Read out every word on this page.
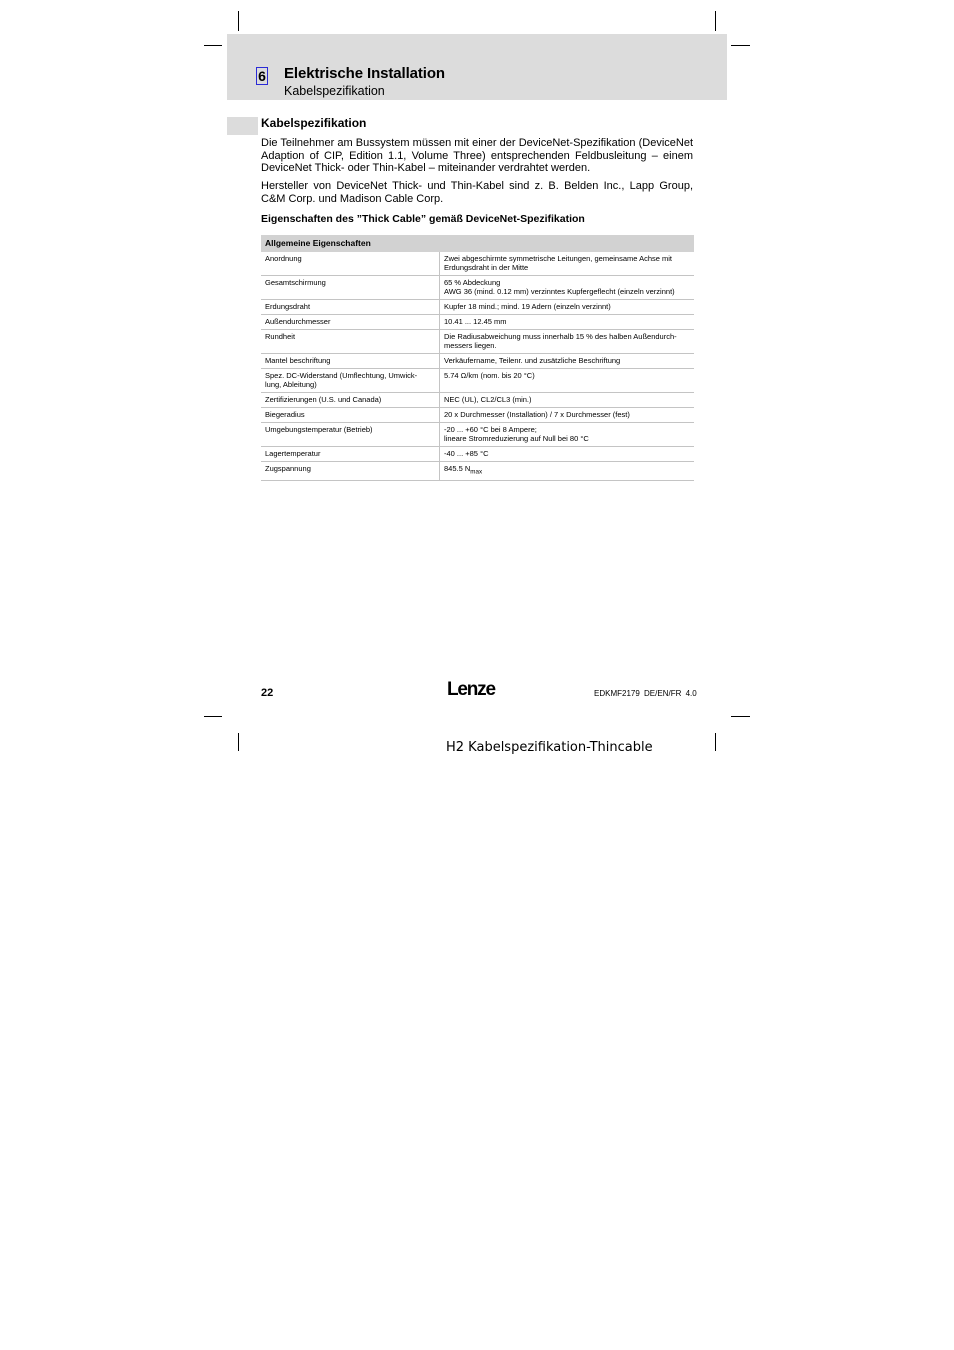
6 Elektrische Installation
Kabelspezifikation
Kabelspezifikation
Die Teilnehmer am Bussystem müssen mit einer der DeviceNet-Spezifikation (DeviceNet Adaption of CIP, Edition 1.1, Volume Three) entsprechenden Feldbusleitung – einem DeviceNet Thick- oder Thin-Kabel – miteinander verdrahtet werden.
Hersteller von DeviceNet Thick- und Thin-Kabel sind z. B. Belden Inc., Lapp Group, C&M Corp. und Madison Cable Corp.
Eigenschaften des ”Thick Cable” gemäß DeviceNet-Spezifikation
Allgemeine Eigenschaften	
Anordnung	Zwei abgeschirmte symmetrische Leitungen, gemeinsame Achse mit
Erdungsdraht in der Mitte

Gesamtschirmung	65 % Abdeckung
AWG 36 (mind. 0.12 mm) verzinntes Kupfergeflecht (einzeln verzinnt)

Erdungsdraht	Kupfer 18 mind.; mind. 19 Adern (einzeln verzinnt)

Außendurchmesser	10.41 ... 12.45 mm

Rundheit	Die Radiusabweichung muss innerhalb 15 % des halben Außendurch-
messers liegen.

Mantel beschriftung	Verkäufername, Teilenr. und zusätzliche Beschriftung

Spez. DC-Widerstand (Umflechtung, Umwick-
lung, Ableitung)	5.74 Ω/km (nom. bis 20 °C)

Zertifizierungen (U.S. und Canada)	NEC (UL), CL2/CL3 (min.)

Biegeradius	20 x Durchmesser (Installation) / 7 x Durchmesser (fest)

Umgebungstemperatur (Betrieb)	-20 ... +60 °C bei 8 Ampere;
lineare Stromreduzierung auf Null bei 80 °C

Lagertemperatur	-40 ... +85 °C

Zugspannung	845.5 $N_{max}$
22	Lenze	EDKMF2179 DE/EN/FR 4.0
H2 Kabelspezifikation-Thincable
